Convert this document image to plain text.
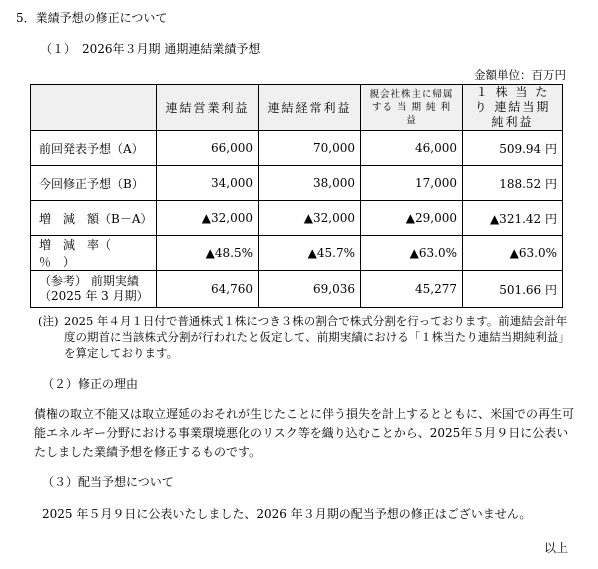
5．業績予想の修正について
（１）　2026年３月期 通期連結業績予想
金額単位：百万円
	連結営業利益	連結経常利益	親会社株主に帰属する 当 期 純 利 益	１ 株 当 た り 連結当期純利益
前回発表予想（A）	66,000	70,000	46,000	509.94 円
今回修正予想（B）	34,000	38,000	17,000	188.52 円
増　減　額（B－A）	▲32,000	▲32,000	▲29,000	▲321.42 円
増　減　率（　％　）	▲48.5%	▲45.7%	▲63.0%	▲63.0%

（参考） 前期実績
（2025 年 3 月期）	64,760	69,036	45,277	501.66 円
(注) 2025 年４月１日付で普通株式１株につき３株の割合で株式分割を行っております。前連結会計年度の期首に当該株式分割が行われたと仮定して、前期実績における「１株当たり連結当期純利益」を算定しております。
（２）修正の理由
債権の取立不能又は取立遅延のおそれが生じたことに伴う損失を計上するとともに、米国での再生可能エネルギー分野における事業環境悪化のリスク等を織り込むことから、2025年５月９日に公表いたしました業績予想を修正するものです。
（３）配当予想について
2025 年５月９日に公表いたしました、2026 年３月期の配当予想の修正はございません。
以上
